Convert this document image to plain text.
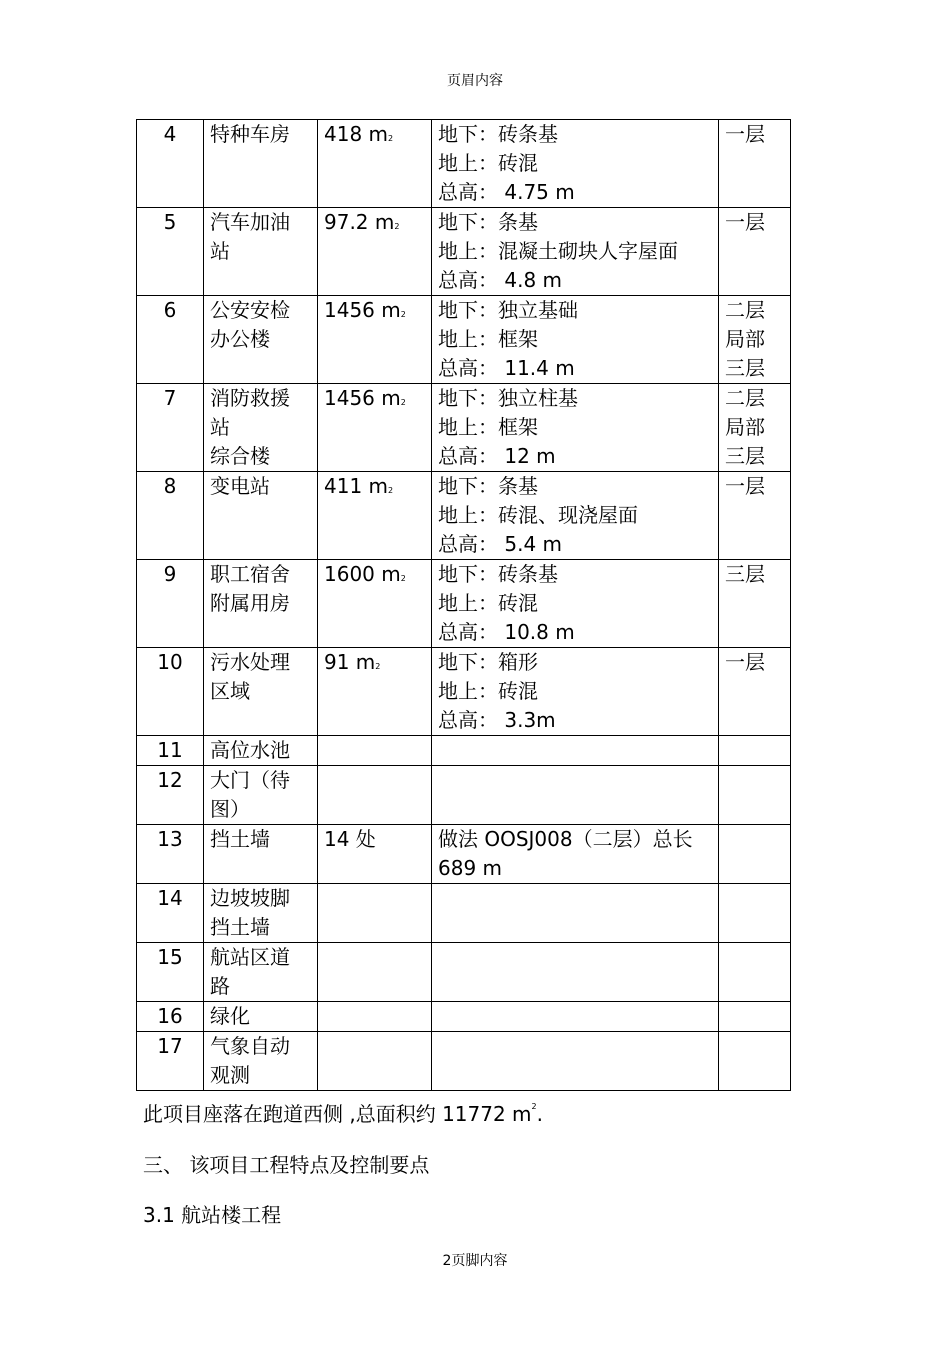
页眉内容
4	特种车房	418 $m^2$	地下：砖条基
地上：砖混
总高： 4.75 m	一层

5	汽车加油
站	97.2 $m^2$	地下：条基
地上：混凝土砌块人字屋面
总高： 4.8 m	一层

6	公安安检
办公楼	1456 $m^2$	地下：独立基础
地上：框架
总高： 11.4 m	二层
局部
三层

7	消防救援
站
综合楼	1456 $m^2$	地下：独立柱基
地上：框架
总高： 12 m	二层
局部
三层

8	变电站	411 $m^2$	地下：条基
地上：砖混、现浇屋面
总高： 5.4 m	一层

9	职工宿舍
附属用房	1600 $m^2$	地下：砖条基
地上：砖混
总高： 10.8 m	三层

10	污水处理
区域	91 $m^2$	地下：箱形
地上：砖混
总高： 3.3m	一层

11	高位水池			

12	大门（待
图）			

13	挡土墙	14 处	做法 OOSJ008（二层）总长
689 m	

14	边坡坡脚
挡土墙			

15	航站区道
路			

16	绿化			

17	气象自动
观测			

此项目座落在跑道西侧 ,总面积约 11772 $m^2$.
三、 该项目工程特点及控制要点
3.1 航站楼工程
2页脚内容
